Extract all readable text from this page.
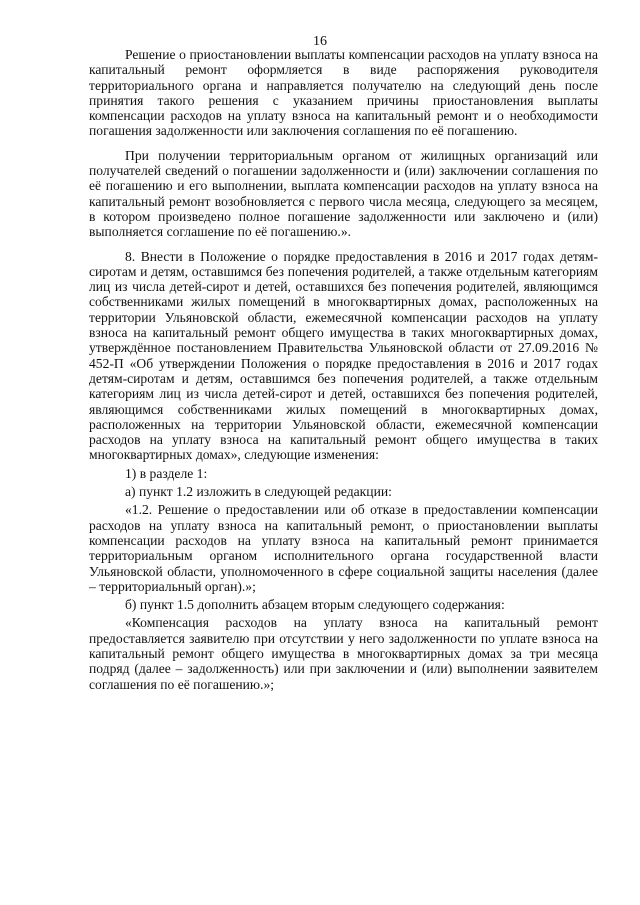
16

Решение о приостановлении выплаты компенсации расходов на уплату взноса на капитальный ремонт оформляется в виде распоряжения руководителя территориального органа и направляется получателю на следующий день после принятия такого решения с указанием причины приостановления выплаты компенсации расходов на уплату взноса на капитальный ремонт и о необходимости погашения задолженности или заключения соглашения по её погашению.

При получении территориальным органом от жилищных организаций или получателей сведений о погашении задолженности и (или) заключении соглашения по её погашению и его выполнении, выплата компенсации расходов на уплату взноса на капитальный ремонт возобновляется с первого числа месяца, следующего за месяцем, в котором произведено полное погашение задолженности или заключено и (или) выполняется соглашение по её погашению.».

8. Внести в Положение о порядке предоставления в 2016 и 2017 годах детям-сиротам и детям, оставшимся без попечения родителей, а также отдельным категориям лиц из числа детей-сирот и детей, оставшихся без попечения родителей, являющимся собственниками жилых помещений в многоквартирных домах, расположенных на территории Ульяновской области, ежемесячной компенсации расходов на уплату взноса на капитальный ремонт общего имущества в таких многоквартирных домах, утверждённое постановлением Правительства Ульяновской области от 27.09.2016 № 452-П «Об утверждении Положения о порядке предоставления в 2016 и 2017 годах детям-сиротам и детям, оставшимся без попечения родителей, а также отдельным категориям лиц из числа детей-сирот и детей, оставшихся без попечения родителей, являющимся собственниками жилых помещений в многоквартирных домах, расположенных на территории Ульяновской области, ежемесячной компенсации расходов на уплату взноса на капитальный ремонт общего имущества в таких многоквартирных домах», следующие изменения:

1) в разделе 1:

а) пункт 1.2 изложить в следующей редакции:

«1.2. Решение о предоставлении или об отказе в предоставлении компенсации расходов на уплату взноса на капитальный ремонт, о приостановлении выплаты компенсации расходов на уплату взноса на капитальный ремонт принимается территориальным органом исполнительного органа государственной власти Ульяновской области, уполномоченного в сфере социальной защиты населения (далее – территориальный орган).»;

б) пункт 1.5 дополнить абзацем вторым следующего содержания:

«Компенсация расходов на уплату взноса на капитальный ремонт предоставляется заявителю при отсутствии у него задолженности по уплате взноса на капитальный ремонт общего имущества в многоквартирных домах за три месяца подряд (далее – задолженность) или при заключении и (или) выполнении заявителем соглашения по её погашению.»;
